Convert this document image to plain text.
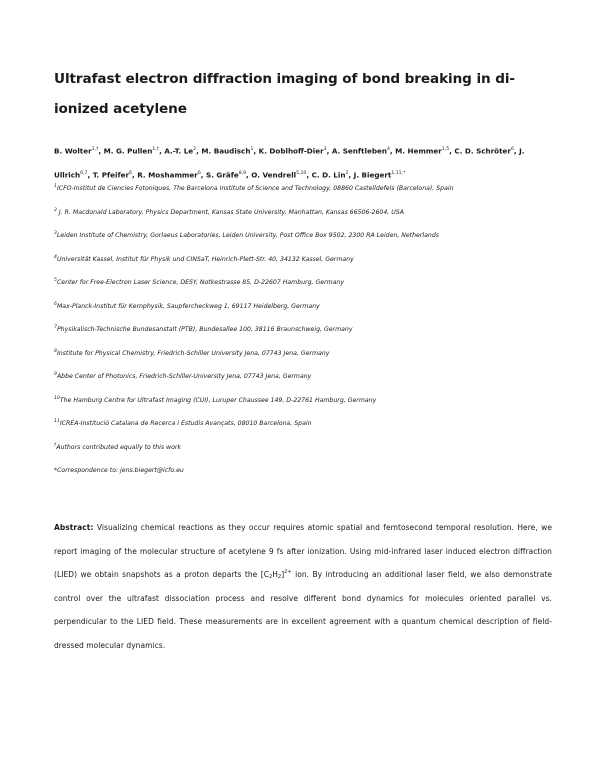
Ultrafast electron diffraction imaging of bond breaking in di-ionized acetylene

B. Wolter$^{1,\dagger}$, M. G. Pullen$^{1,\dagger}$, A.-T. Le$^2$, M. Baudisch$^1$, K. Doblhoff-Dier$^3$, A. Senftleben$^4$, M. Hemmer$^{1,5}$, C. D. Schröter$^6$, J. Ullrich$^{6,7}$, T. Pfeifer$^6$, R. Moshammer$^6$, S. Gräfe$^{8,9}$, O. Vendrell$^{5,10}$, C. D. Lin$^2$, J. Biegert$^{1,11,*}$

$^1$ICFO-Institut de Ciencies Fotoniques, The Barcelona Institute of Science and Technology, 08860 Castelldefels (Barcelona), Spain

$^2$ J. R. Macdonald Laboratory, Physics Department, Kansas State University, Manhattan, Kansas 66506-2604, USA

$^3$Leiden Institute of Chemistry, Gorlaeus Laboratories, Leiden University, Post Office Box 9502, 2300 RA Leiden, Netherlands

$^4$Universität Kassel, Institut für Physik und CINSaT, Heinrich-Plett-Str. 40, 34132 Kassel, Germany

$^5$Center for Free-Electron Laser Science, DESY, Notkestrasse 85, D-22607 Hamburg, Germany

$^6$Max-Planck-Institut für Kernphysik, Saupfercheckweg 1, 69117 Heidelberg, Germany

$^7$Physikalisch-Technische Bundesanstalt (PTB), Bundesallee 100, 38116 Braunschweig, Germany

$^8$Institute for Physical Chemistry, Friedrich-Schiller University Jena, 07743 Jena, Germany

$^9$Abbe Center of Photonics, Friedrich-Schiller-University Jena, 07743 Jena, Germany

$^{10}$The Hamburg Centre for Ultrafast Imaging (CUI), Luruper Chaussee 149, D-22761 Hamburg, Germany

$^{11}$ICREA-Institució Catalana de Recerca i Estudis Avançats, 08010 Barcelona, Spain

†Authors contributed equally to this work

*Correspondence to: jens.biegert@icfo.eu

Abstract: Visualizing chemical reactions as they occur requires atomic spatial and femtosecond temporal resolution. Here, we report imaging of the molecular structure of acetylene 9 fs after ionization. Using mid-infrared laser induced electron diffraction (LIED) we obtain snapshots as a proton departs the $[C_2H_2]^{2+}$ ion. By introducing an additional laser field, we also demonstrate control over the ultrafast dissociation process and resolve different bond dynamics for molecules oriented parallel vs. perpendicular to the LIED field. These measurements are in excellent agreement with a quantum chemical description of field-dressed molecular dynamics.
